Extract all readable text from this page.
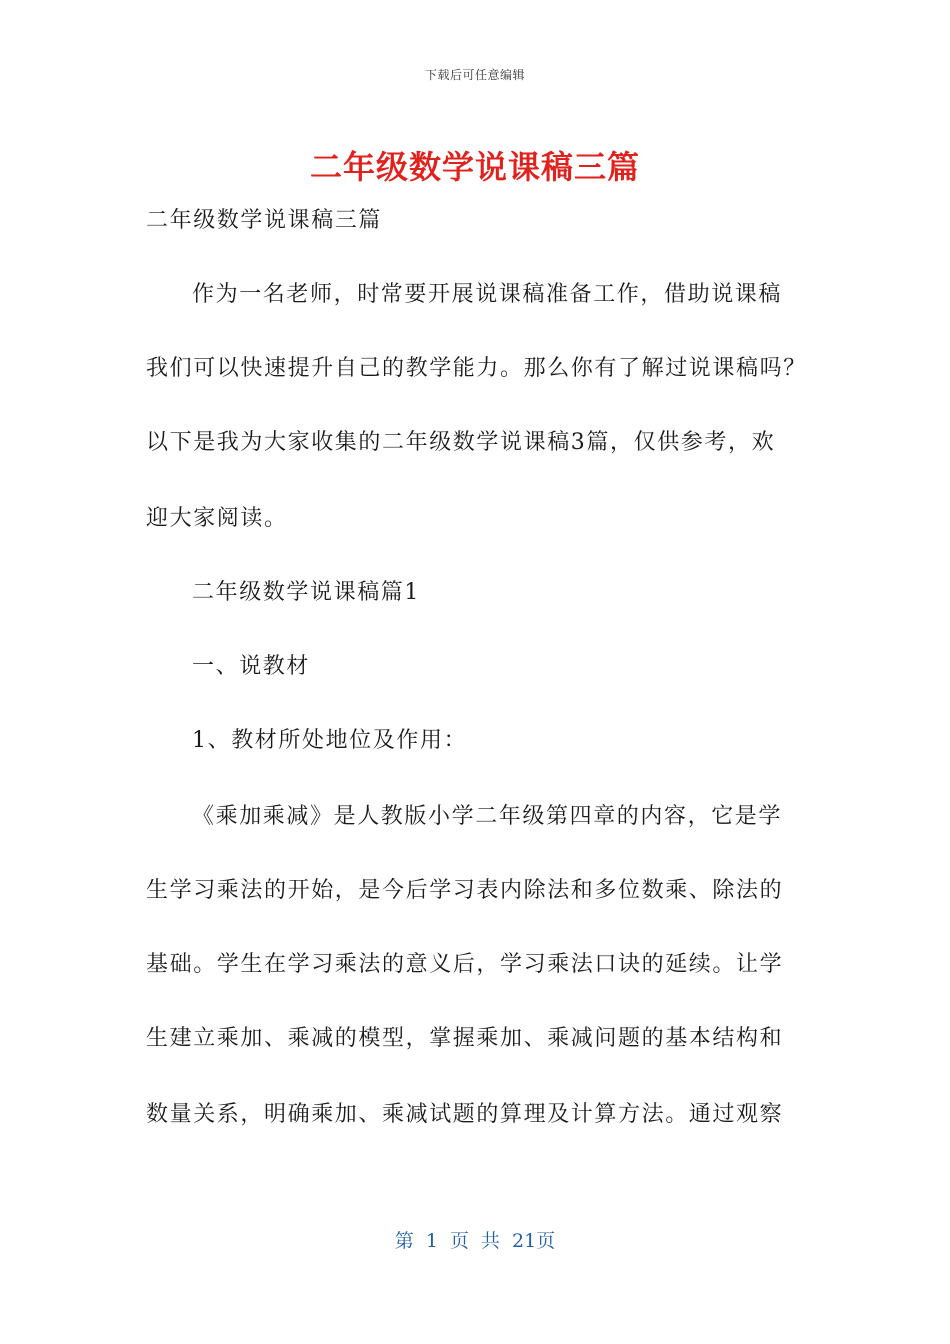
下载后可任意编辑
二年级数学说课稿三篇
二年级数学说课稿三篇
作为一名老师，时常要开展说课稿准备工作，借助说课稿
我们可以快速提升自己的教学能力。那么你有了解过说课稿吗？
以下是我为大家收集的二年级数学说课稿3篇，仅供参考，欢
迎大家阅读。
二年级数学说课稿篇1
一、说教材
1、教材所处地位及作用：
《乘加乘减》是人教版小学二年级第四章的内容，它是学
生学习乘法的开始，是今后学习表内除法和多位数乘、除法的
基础。学生在学习乘法的意义后，学习乘法口诀的延续。让学
生建立乘加、乘减的模型，掌握乘加、乘减问题的基本结构和
数量关系，明确乘加、乘减试题的算理及计算方法。通过观察
第 1 页 共 21页
